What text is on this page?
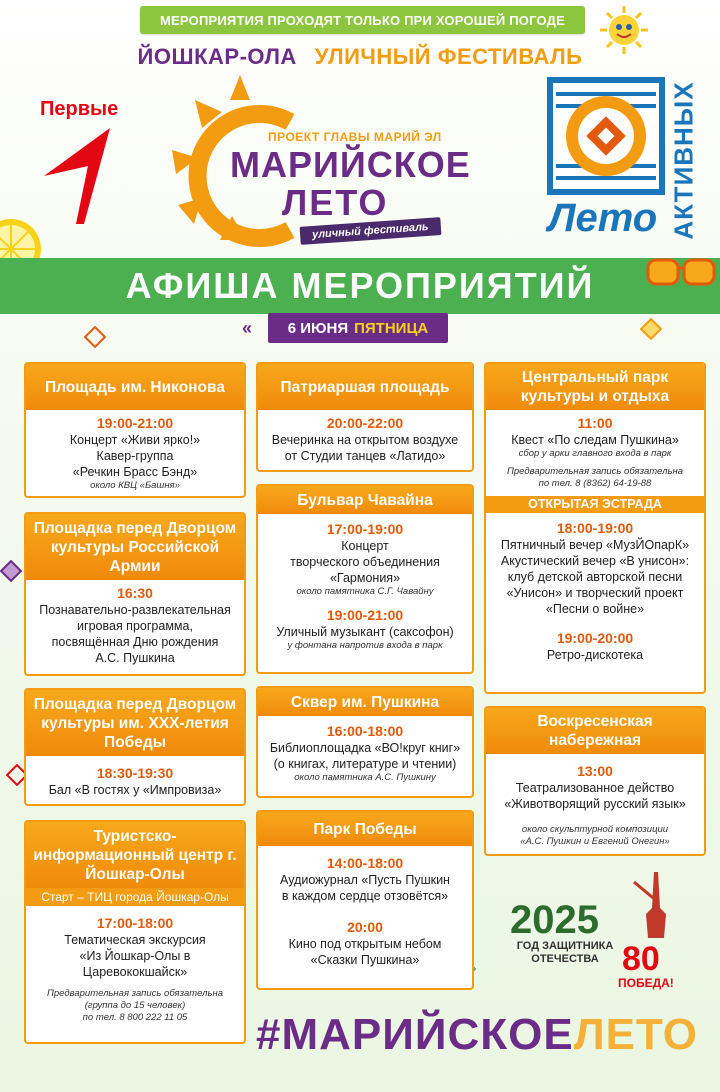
МЕРОПРИЯТИЯ ПРОХОДЯТ ТОЛЬКО ПРИ ХОРОШЕЙ ПОГОДЕ
ЙОШКАР-ОЛА УЛИЧНЫЙ ФЕСТИВАЛЬ
Первые
ПРОЕКТ ГЛАВЫ МАРИЙ ЭЛ
МАРИЙСКОЕ
ЛЕТО
уличный фестиваль	Лето АКТИВНЫХ
АФИША МЕРОПРИЯТИЙ
« 6 ИЮНЯ ПЯТНИЦА
Площадь им. Никонова
19:00-21:00
Концерт «Живи ярко!»
Кавер-группа
«Речкин Брасс Бэнд»
около КВЦ «Башня»
Площадка перед Дворцом культуры Российской Армии
16:30
Познавательно-развлекательная
игровая программа,
посвящённая Дню рождения
А.С. Пушкина
Площадка перед Дворцом культуры им. XXX-летия Победы
18:30-19:30
Бал «В гостях у «Импровиза»
Туристско-информационный центр г. Йошкар-Олы
Старт – ТИЦ города Йошкар-Олы
17:00-18:00
Тематическая экскурсия
«Из Йошкар-Олы в
Царевококшайск»
Предварительная запись обязательна
(группа до 15 человек)
по тел. 8 800 222 11 05
Патриаршая площадь
20:00-22:00
Вечеринка на открытом воздухе
от Студии танцев «Латидо»
Бульвар Чавайна
17:00-19:00
Концерт
творческого объединения
«Гармония»
около памятника С.Г. Чавайну
19:00-21:00
Уличный музыкант (саксофон)
у фонтана напротив входа в парк
Сквер им. Пушкина
16:00-18:00
Библиоплощадка «ВО!круг книг»
(о книгах, литературе и чтении)
около памятника А.С. Пушкину
Парк Победы
14:00-18:00
Аудиожурнал «Пусть Пушкин
в каждом сердце отзовётся»
20:00
Кино под открытым небом
«Сказки Пушкина»
Центральный парк культуры и отдыха
11:00
Квест «По следам Пушкина»
сбор у арки главного входа в парк
Предварительная запись обязательна
по тел. 8 (8362) 64-19-88
ОТКРЫТАЯ ЭСТРАДА
18:00-19:00
Пятничный вечер «МузЙОпарК»
Акустический вечер «В унисон»:
клуб детской авторской песни
«Унисон» и творческий проект
«Песни о войне»
19:00-20:00
Ретро-дискотека
Воскресенская набережная
13:00
Театрализованное действо
«Животворящий русский язык»
около скульптурной композиции
«А.С. Пушкин и Евгений Онегин»
2025
ГОД ЗАЩИТНИКА
ОТЕЧЕСТВА 80
ПОБЕДА!
#МАРИЙСКОЕЛЕТО
